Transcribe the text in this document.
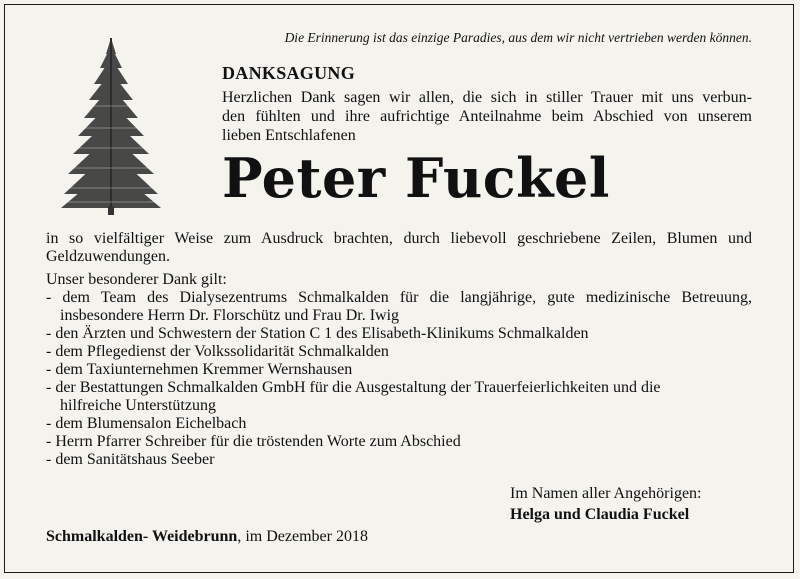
Die Erinnerung ist das einzige Paradies, aus dem wir nicht vertrieben werden können.
DANKSAGUNG
Herzlichen Dank sagen wir allen, die sich in stiller Trauer mit uns verbun-
den fühlten und ihre aufrichtige Anteilnahme beim Abschied von unserem
lieben Entschlafenen
Peter Fuckel
in so vielfältiger Weise zum Ausdruck brachten, durch liebevoll geschriebene Zeilen, Blumen und
Geldzuwendungen.
Unser besonderer Dank gilt:
- dem Team des Dialysezentrums Schmalkalden für die langjährige, gute medizinische Betreuung,
insbesondere Herrn Dr. Florschütz und Frau Dr. Iwig
- den Ärzten und Schwestern der Station C 1 des Elisabeth-Klinikums Schmalkalden
- dem Pflegedienst der Volkssolidarität Schmalkalden
- dem Taxiunternehmen Kremmer Wernshausen
- der Bestattungen Schmalkalden GmbH für die Ausgestaltung der Trauerfeierlichkeiten und die
hilfreiche Unterstützung
- dem Blumensalon Eichelbach
- Herrn Pfarrer Schreiber für die tröstenden Worte zum Abschied
- dem Sanitätshaus Seeber
Im Namen aller Angehörigen:
Helga und Claudia Fuckel
Schmalkalden- Weidebrunn, im Dezember 2018
